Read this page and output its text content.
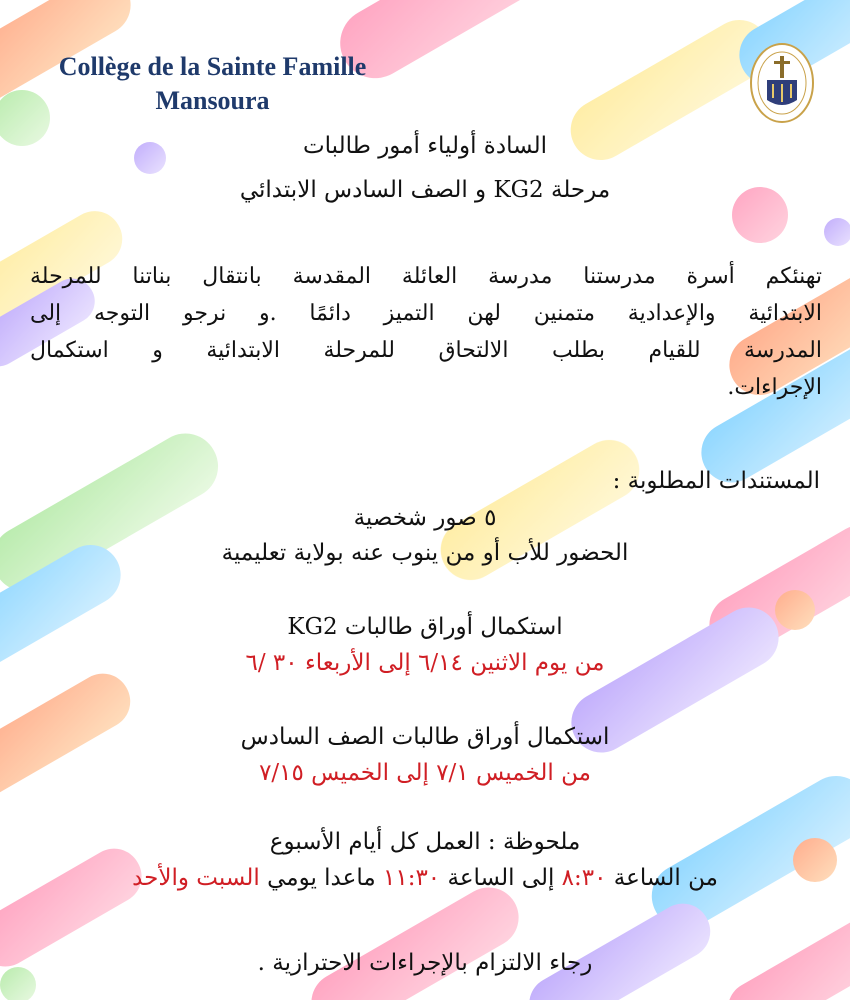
Collège de la Sainte Famille
Mansoura
السادة أولياء أمور طالبات
مرحلة KG2 و الصف السادس الابتدائي
تهنئكم أسرة مدرستنا مدرسة العائلة المقدسة بانتقال بناتنا للمرحلة
الابتدائية والإعدادية متمنين لهن التميز دائمًا .و نرجو التوجه إلى
المدرسة للقيام بطلب الالتحاق للمرحلة الابتدائية و استكمال
الإجراءات.
المستندات المطلوبة :
٥ صور شخصية
الحضور للأب أو من ينوب عنه بولاية تعليمية
استكمال أوراق طالبات KG2
من يوم الاثنين ٦/١٤ إلى الأربعاء ٣٠ /٦
استكمال أوراق طالبات الصف السادس
من الخميس ٧/١ إلى الخميس ٧/١٥
ملحوظة : العمل كل أيام الأسبوع
من الساعة ٨:٣٠ إلى الساعة ١١:٣٠ ماعدا يومي السبت والأحد
رجاء الالتزام بالإجراءات الاحترازية .
